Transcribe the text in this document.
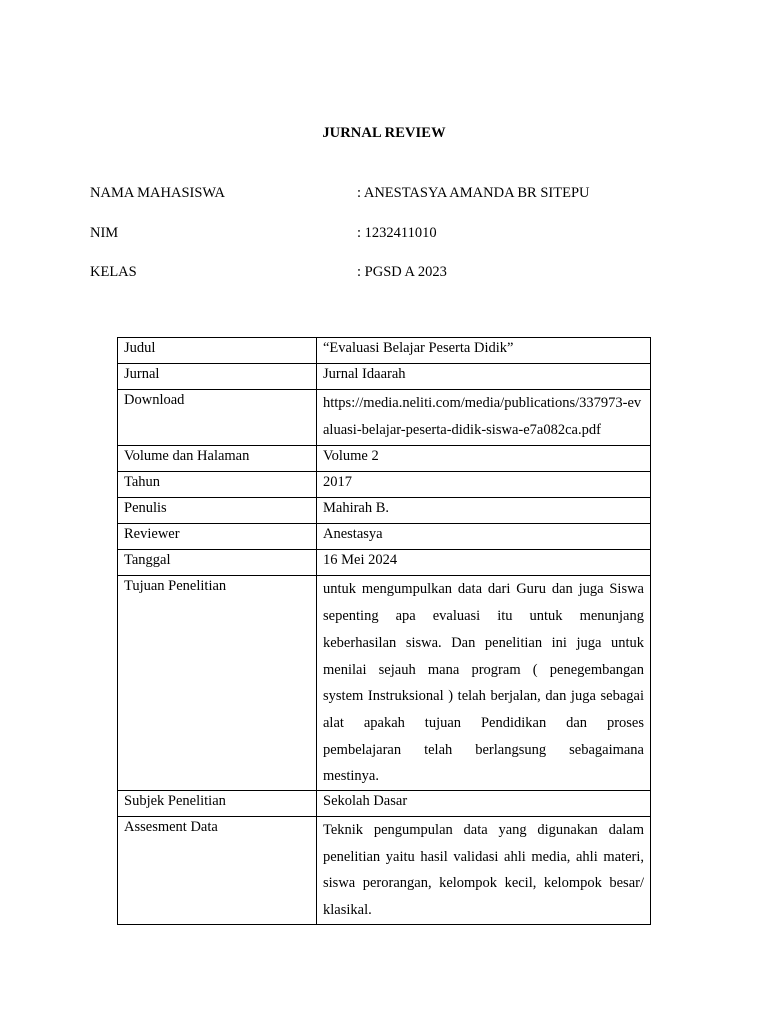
JURNAL REVIEW
NAMA MAHASISWA	: ANESTASYA AMANDA BR SITEPU
NIM	: 1232411010
KELAS	: PGSD A 2023
Judul	“Evaluasi Belajar Peserta Didik”
Jurnal	Jurnal Idaarah
Download	https://media.neliti.com/media/publications/337973-evaluasi-belajar-peserta-didik-siswa-e7a082ca.pdf
Volume dan Halaman	Volume 2
Tahun	2017
Penulis	Mahirah B.
Reviewer	Anestasya
Tanggal	16 Mei 2024
Tujuan Penelitian	untuk mengumpulkan data dari Guru dan juga Siswa sepenting apa evaluasi itu untuk menunjang keberhasilan siswa. Dan penelitian ini juga untuk menilai sejauh mana program ( penegembangan system Instruksional ) telah berjalan, dan juga sebagai alat apakah tujuan Pendidikan dan proses pembelajaran telah berlangsung sebagaimana mestinya.
Subjek Penelitian	Sekolah Dasar
Assesment Data	Teknik pengumpulan data yang digunakan dalam penelitian yaitu hasil validasi ahli media, ahli materi, siswa perorangan, kelompok kecil, kelompok besar/ klasikal.
